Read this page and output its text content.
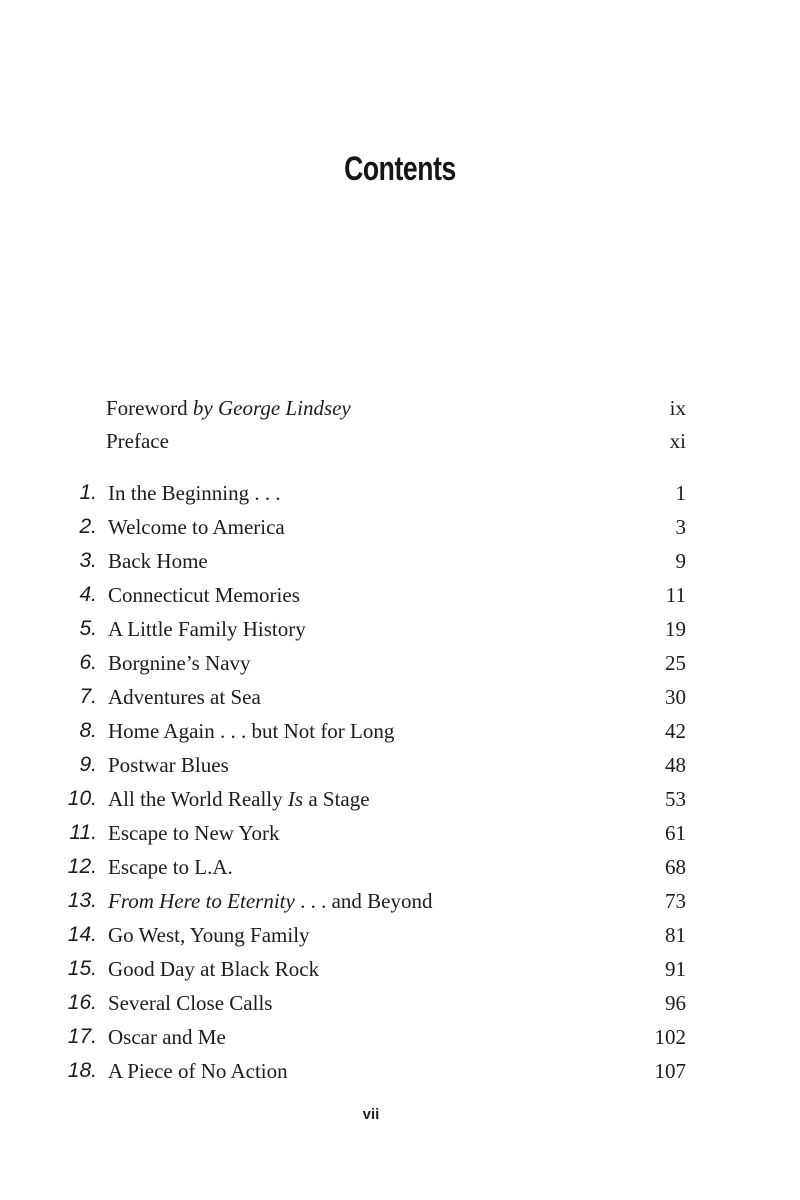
Contents
Foreword by George Lindsey	ix
Preface	xi
1. In the Beginning . . .	1
2. Welcome to America	3
3. Back Home	9
4. Connecticut Memories	11
5. A Little Family History	19
6. Borgnine’s Navy	25
7. Adventures at Sea	30
8. Home Again . . . but Not for Long	42
9. Postwar Blues	48
10. All the World Really Is a Stage	53
11. Escape to New York	61
12. Escape to L.A.	68
13. From Here to Eternity . . . and Beyond	73
14. Go West, Young Family	81
15. Good Day at Black Rock	91
16. Several Close Calls	96
17. Oscar and Me	102
18. A Piece of No Action	107
vii
